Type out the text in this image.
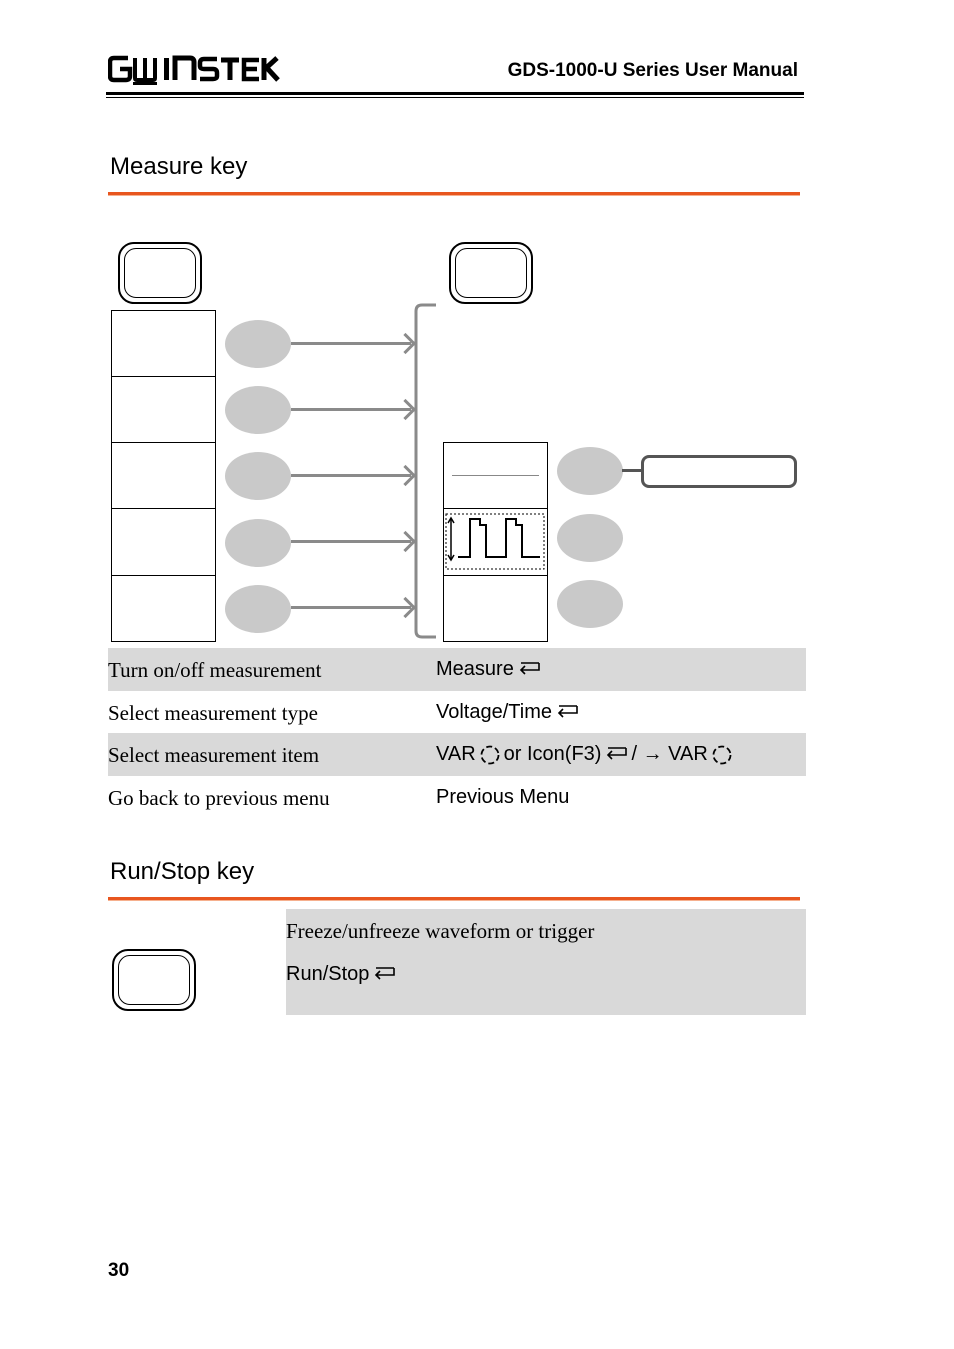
GDS-1000-U Series User Manual
Measure key
Turn on/off measurement	Measure
Select measurement type	Voltage/Time
Select measurement item	VAR or Icon(F3) / → VAR
Go back to previous menu	Previous Menu
Run/Stop key
Freeze/unfreeze waveform or trigger
Run/Stop
30
